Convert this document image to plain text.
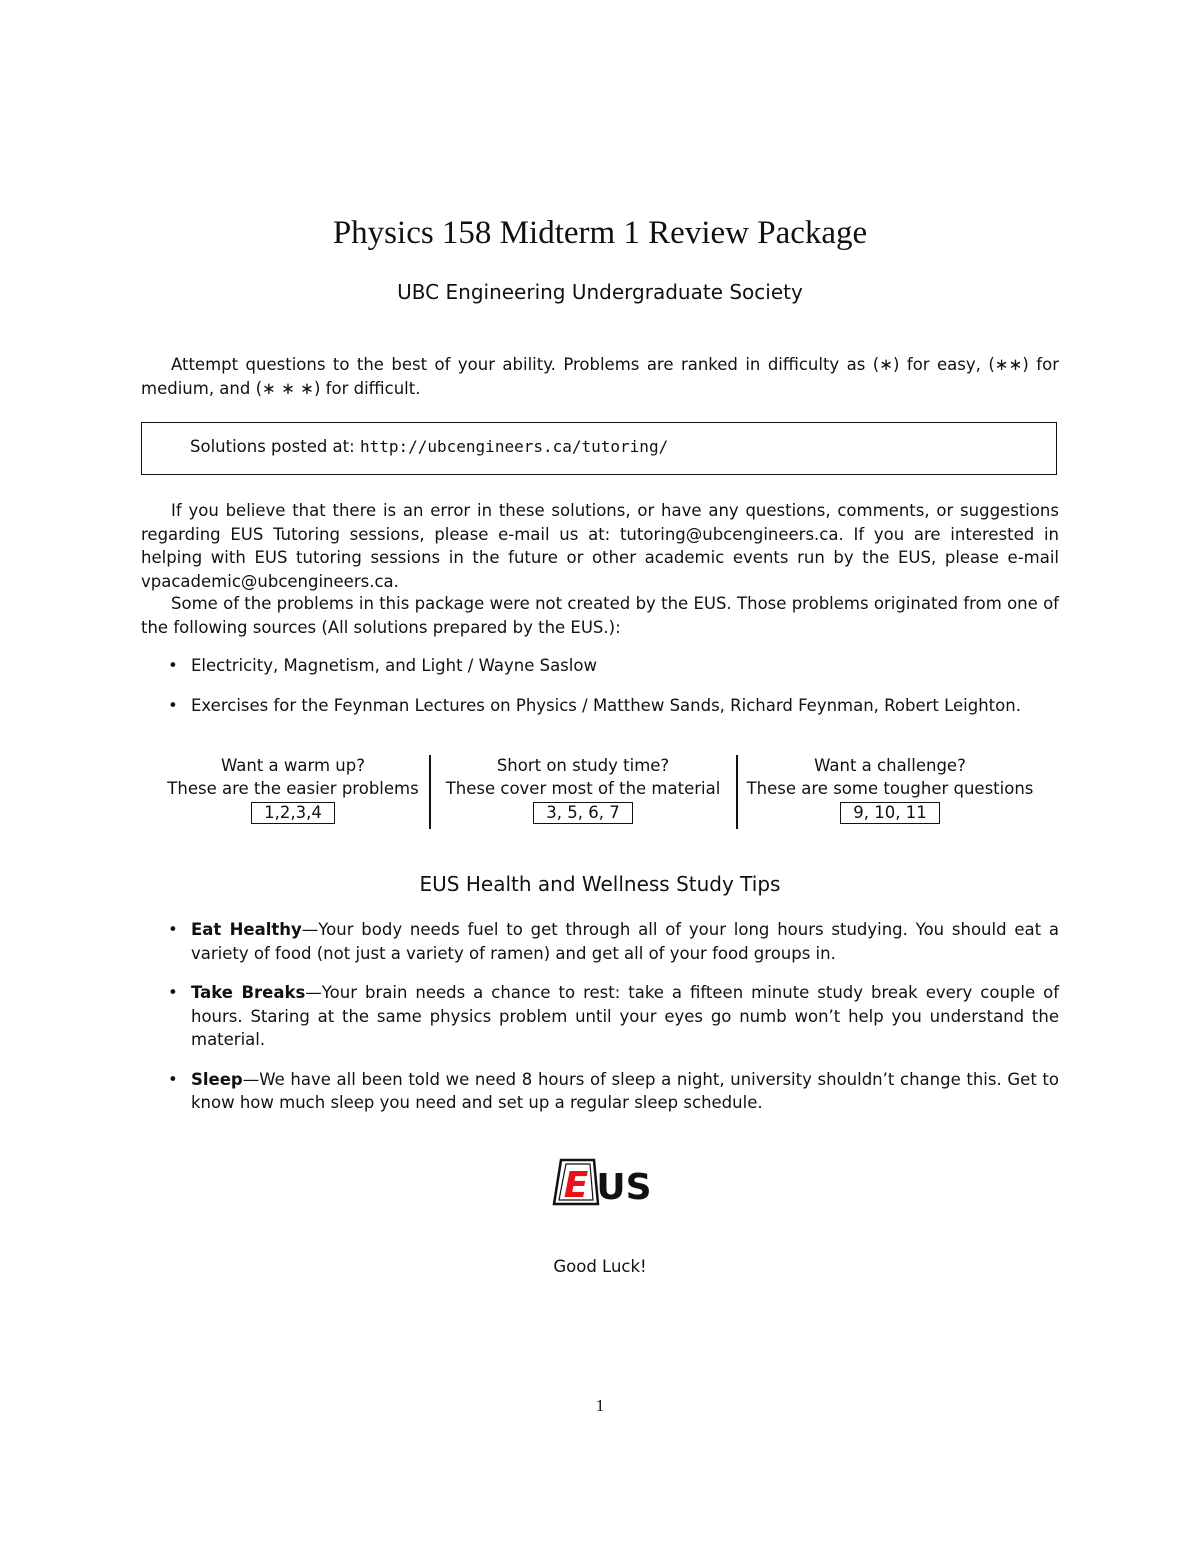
Physics 158 Midterm 1 Review Package
UBC Engineering Undergraduate Society
Attempt questions to the best of your ability. Problems are ranked in difficulty as (∗) for easy, (∗∗) for medium, and (∗ ∗ ∗) for difficult.
Solutions posted at: http://ubcengineers.ca/tutoring/
If you believe that there is an error in these solutions, or have any questions, comments, or suggestions regarding EUS Tutoring sessions, please e-mail us at: tutoring@ubcengineers.ca. If you are interested in helping with EUS tutoring sessions in the future or other academic events run by the EUS, please e-mail vpacademic@ubcengineers.ca.
Some of the problems in this package were not created by the EUS. Those problems originated from one of the following sources (All solutions prepared by the EUS.):
• Electricity, Magnetism, and Light / Wayne Saslow
• Exercises for the Feynman Lectures on Physics / Matthew Sands, Richard Feynman, Robert Leighton.
Want a warm up?
These are the easier problems
1,2,3,4
Short on study time?
These cover most of the material
3, 5, 6, 7
Want a challenge?
These are some tougher questions
9, 10, 11
EUS Health and Wellness Study Tips
• Eat Healthy—Your body needs fuel to get through all of your long hours studying. You should eat a variety of food (not just a variety of ramen) and get all of your food groups in.
• Take Breaks—Your brain needs a chance to rest: take a fifteen minute study break every couple of hours. Staring at the same physics problem until your eyes go numb won’t help you understand the material.
• Sleep—We have all been told we need 8 hours of sleep a night, university shouldn’t change this. Get to know how much sleep you need and set up a regular sleep schedule.
E US
Good Luck!
1
